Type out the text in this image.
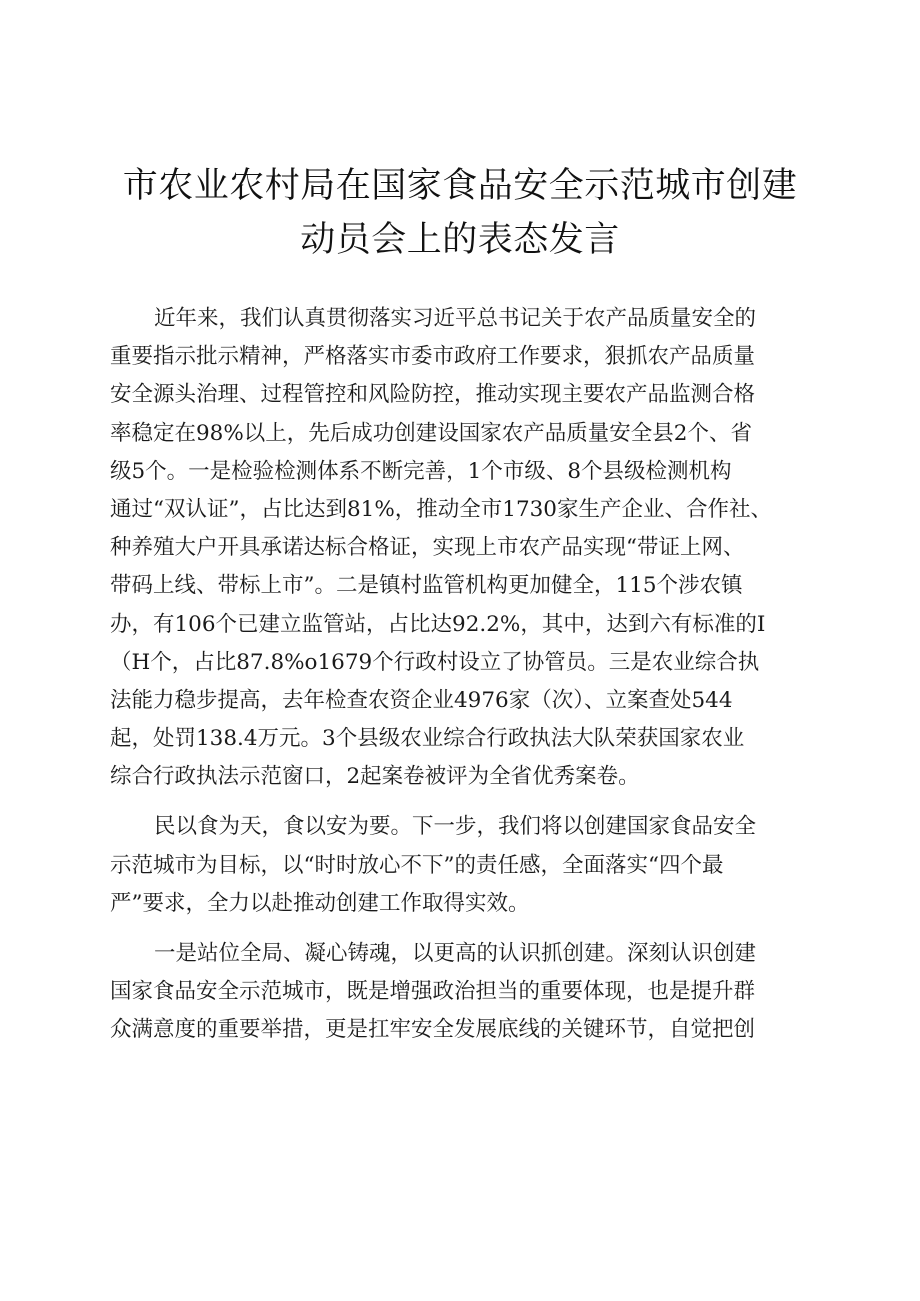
市农业农村局在国家食品安全示范城市创建
动员会上的表态发言
近年来，我们认真贯彻落实习近平总书记关于农产品质量安全的
重要指示批示精神，严格落实市委市政府工作要求，狠抓农产品质量
安全源头治理、过程管控和风险防控，推动实现主要农产品监测合格
率稳定在98%以上，先后成功创建设国家农产品质量安全县2个、省
级5个。一是检验检测体系不断完善，1个市级、8个县级检测机构
通过“双认证”，占比达到81%，推动全市1730家生产企业、合作社、
种养殖大户开具承诺达标合格证，实现上市农产品实现“带证上网、
带码上线、带标上市”。二是镇村监管机构更加健全，115个涉农镇
办，有106个已建立监管站，占比达92.2%，其中，达到六有标准的I
（H个，占比87.8%o1679个行政村设立了协管员。三是农业综合执
法能力稳步提高，去年检查农资企业4976家（次）、立案查处544
起，处罚138.4万元。3个县级农业综合行政执法大队荣获国家农业
综合行政执法示范窗口，2起案卷被评为全省优秀案卷。
民以食为天，食以安为要。下一步，我们将以创建国家食品安全
示范城市为目标，以“时时放心不下”的责任感，全面落实“四个最
严”要求，全力以赴推动创建工作取得实效。
一是站位全局、凝心铸魂，以更高的认识抓创建。深刻认识创建
国家食品安全示范城市，既是增强政治担当的重要体现，也是提升群
众满意度的重要举措，更是扛牢安全发展底线的关键环节，自觉把创
